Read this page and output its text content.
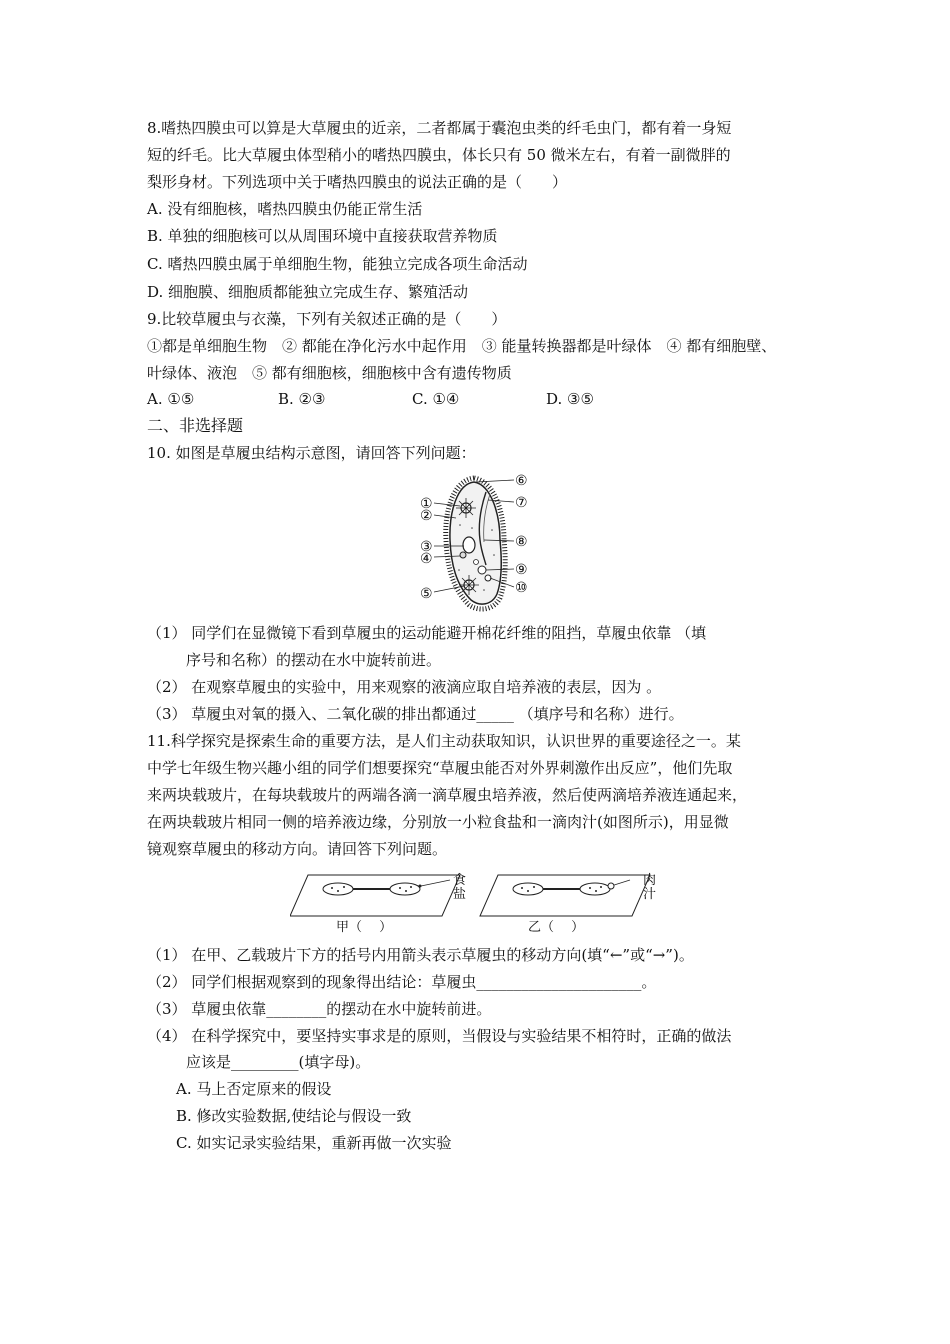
8.嗜热四膜虫可以算是大草履虫的近亲，二者都属于囊泡虫类的纤毛虫门，都有着一身短
短的纤毛。比大草履虫体型稍小的嗜热四膜虫，体长只有 50 微米左右，有着一副微胖的
梨形身材。下列选项中关于嗜热四膜虫的说法正确的是（　　）
A. 没有细胞核，嗜热四膜虫仍能正常生活
B. 单独的细胞核可以从周围环境中直接获取营养物质
C. 嗜热四膜虫属于单细胞生物，能独立完成各项生命活动
D. 细胞膜、细胞质都能独立完成生存、繁殖活动
9.比较草履虫与衣藻，下列有关叙述正确的是（　　）
①都是单细胞生物　② 都能在净化污水中起作用　③ 能量转换器都是叶绿体　④ 都有细胞壁、
叶绿体、液泡　⑤ 都有细胞核，细胞核中含有遗传物质
A. ①⑤	B. ②③	C. ①④	D. ③⑤
二、非选择题
10. 如图是草履虫结构示意图，请回答下列问题：
①
②
③
④
⑤
⑥
⑦
⑧
⑨
⑩
（1） 同学们在显微镜下看到草履虫的运动能避开棉花纤维的阻挡，草履虫依靠 （填
序号和名称）的摆动在水中旋转前进。
（2） 在观察草履虫的实验中，用来观察的液滴应取自培养液的表层，因为 。
（3） 草履虫对氧的摄入、二氧化碳的排出都通过_____ （填序号和名称）进行。
11.科学探究是探索生命的重要方法，是人们主动获取知识，认识世界的重要途径之一。某
中学七年级生物兴趣小组的同学们想要探究“草履虫能否对外界刺激作出反应”，他们先取
来两块载玻片，在每块载玻片的两端各滴一滴草履虫培养液，然后使两滴培养液连通起来，
在两块载玻片相同一侧的培养液边缘，分别放一小粒食盐和一滴肉汁(如图所示)，用显微
镜观察草履虫的移动方向。请回答下列问题。
食
盐
肉
汁
甲（　 ）	乙（　 ）
（1） 在甲、乙载玻片下方的括号内用箭头表示草履虫的移动方向(填“←”或“→”)。
（2） 同学们根据观察到的现象得出结论：草履虫______________________。
（3） 草履虫依靠________的摆动在水中旋转前进。
（4） 在科学探究中，要坚持实事求是的原则，当假设与实验结果不相符时，正确的做法
应该是_________(填字母)。
A. 马上否定原来的假设
B. 修改实验数据,使结论与假设一致
C. 如实记录实验结果，重新再做一次实验
